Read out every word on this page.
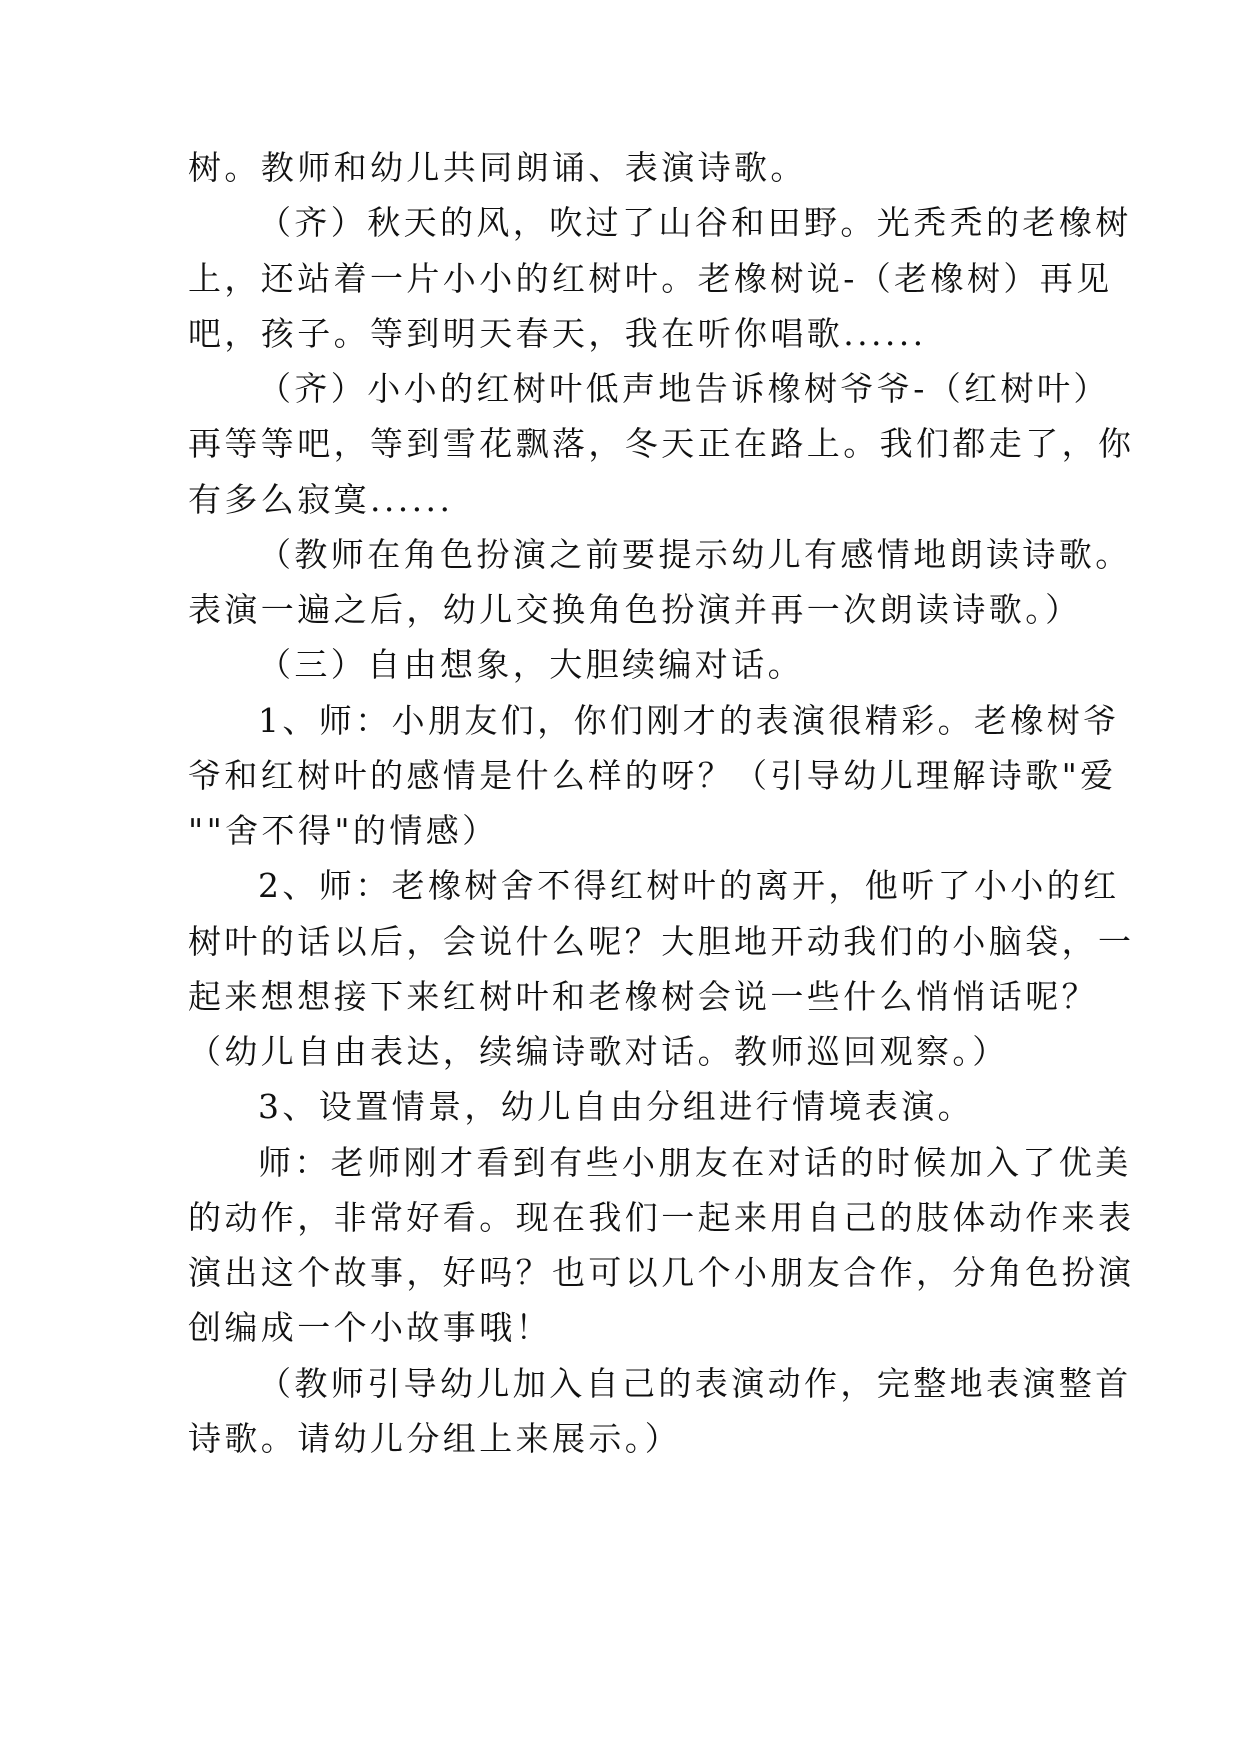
树。教师和幼儿共同朗诵、表演诗歌。
（齐）秋天的风，吹过了山谷和田野。光秃秃的老橡树
上，还站着一片小小的红树叶。老橡树说-（老橡树）再见
吧，孩子。等到明天春天，我在听你唱歌......
（齐）小小的红树叶低声地告诉橡树爷爷-（红树叶）
再等等吧，等到雪花飘落，冬天正在路上。我们都走了，你
有多么寂寞......
（教师在角色扮演之前要提示幼儿有感情地朗读诗歌。
表演一遍之后，幼儿交换角色扮演并再一次朗读诗歌。）
（三）自由想象，大胆续编对话。
1、师：小朋友们，你们刚才的表演很精彩。老橡树爷
爷和红树叶的感情是什么样的呀？（引导幼儿理解诗歌"爱
""舍不得"的情感）
2、师：老橡树舍不得红树叶的离开，他听了小小的红
树叶的话以后，会说什么呢？大胆地开动我们的小脑袋，一
起来想想接下来红树叶和老橡树会说一些什么悄悄话呢？
（幼儿自由表达，续编诗歌对话。教师巡回观察。）
3、设置情景，幼儿自由分组进行情境表演。
师：老师刚才看到有些小朋友在对话的时候加入了优美
的动作，非常好看。现在我们一起来用自己的肢体动作来表
演出这个故事，好吗？也可以几个小朋友合作，分角色扮演
创编成一个小故事哦！
（教师引导幼儿加入自己的表演动作，完整地表演整首
诗歌。请幼儿分组上来展示。）
